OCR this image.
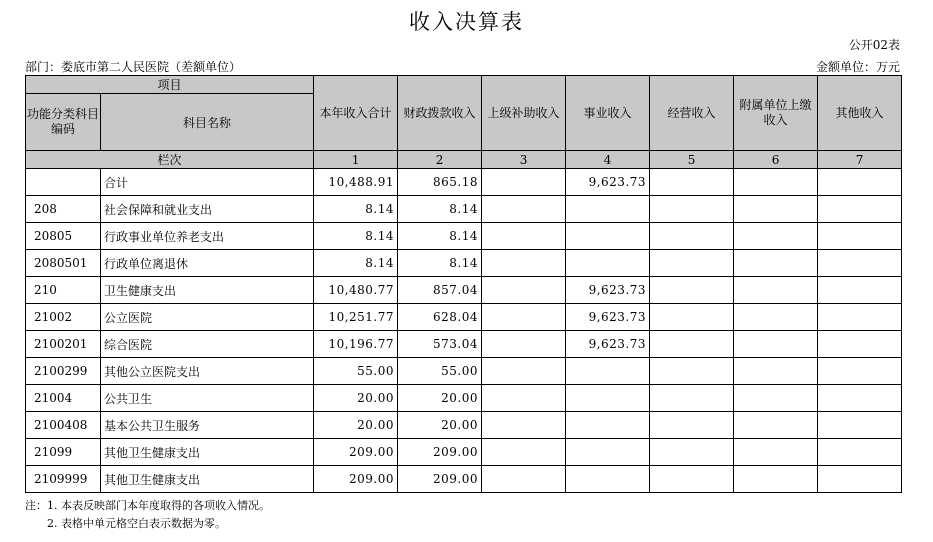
收入决算表
公开02表
部门：娄底市第二人民医院（差额单位）	金额单位：万元
项目		本年收入合计	财政拨款收入	上级补助收入	事业收入	经营收入	附属单位上缴收入	其他收入
功能分类科目编码	科目名称							
栏次		1	2	3	4	5	6	7
	合计	10,488.91	865.18		9,623.73			
208	社会保障和就业支出	8.14	8.14					
20805	行政事业单位养老支出	8.14	8.14					
2080501	行政单位离退休	8.14	8.14					
210	卫生健康支出	10,480.77	857.04		9,623.73			
21002	公立医院	10,251.77	628.04		9,623.73			
2100201	综合医院	10,196.77	573.04		9,623.73			
2100299	其他公立医院支出	55.00	55.00					
21004	公共卫生	20.00	20.00					
2100408	基本公共卫生服务	20.00	20.00					
21099	其他卫生健康支出	209.00	209.00					
2109999	其他卫生健康支出	209.00	209.00					
注：1. 本表反映部门本年度取得的各项收入情况。
2. 表格中单元格空白表示数据为零。
